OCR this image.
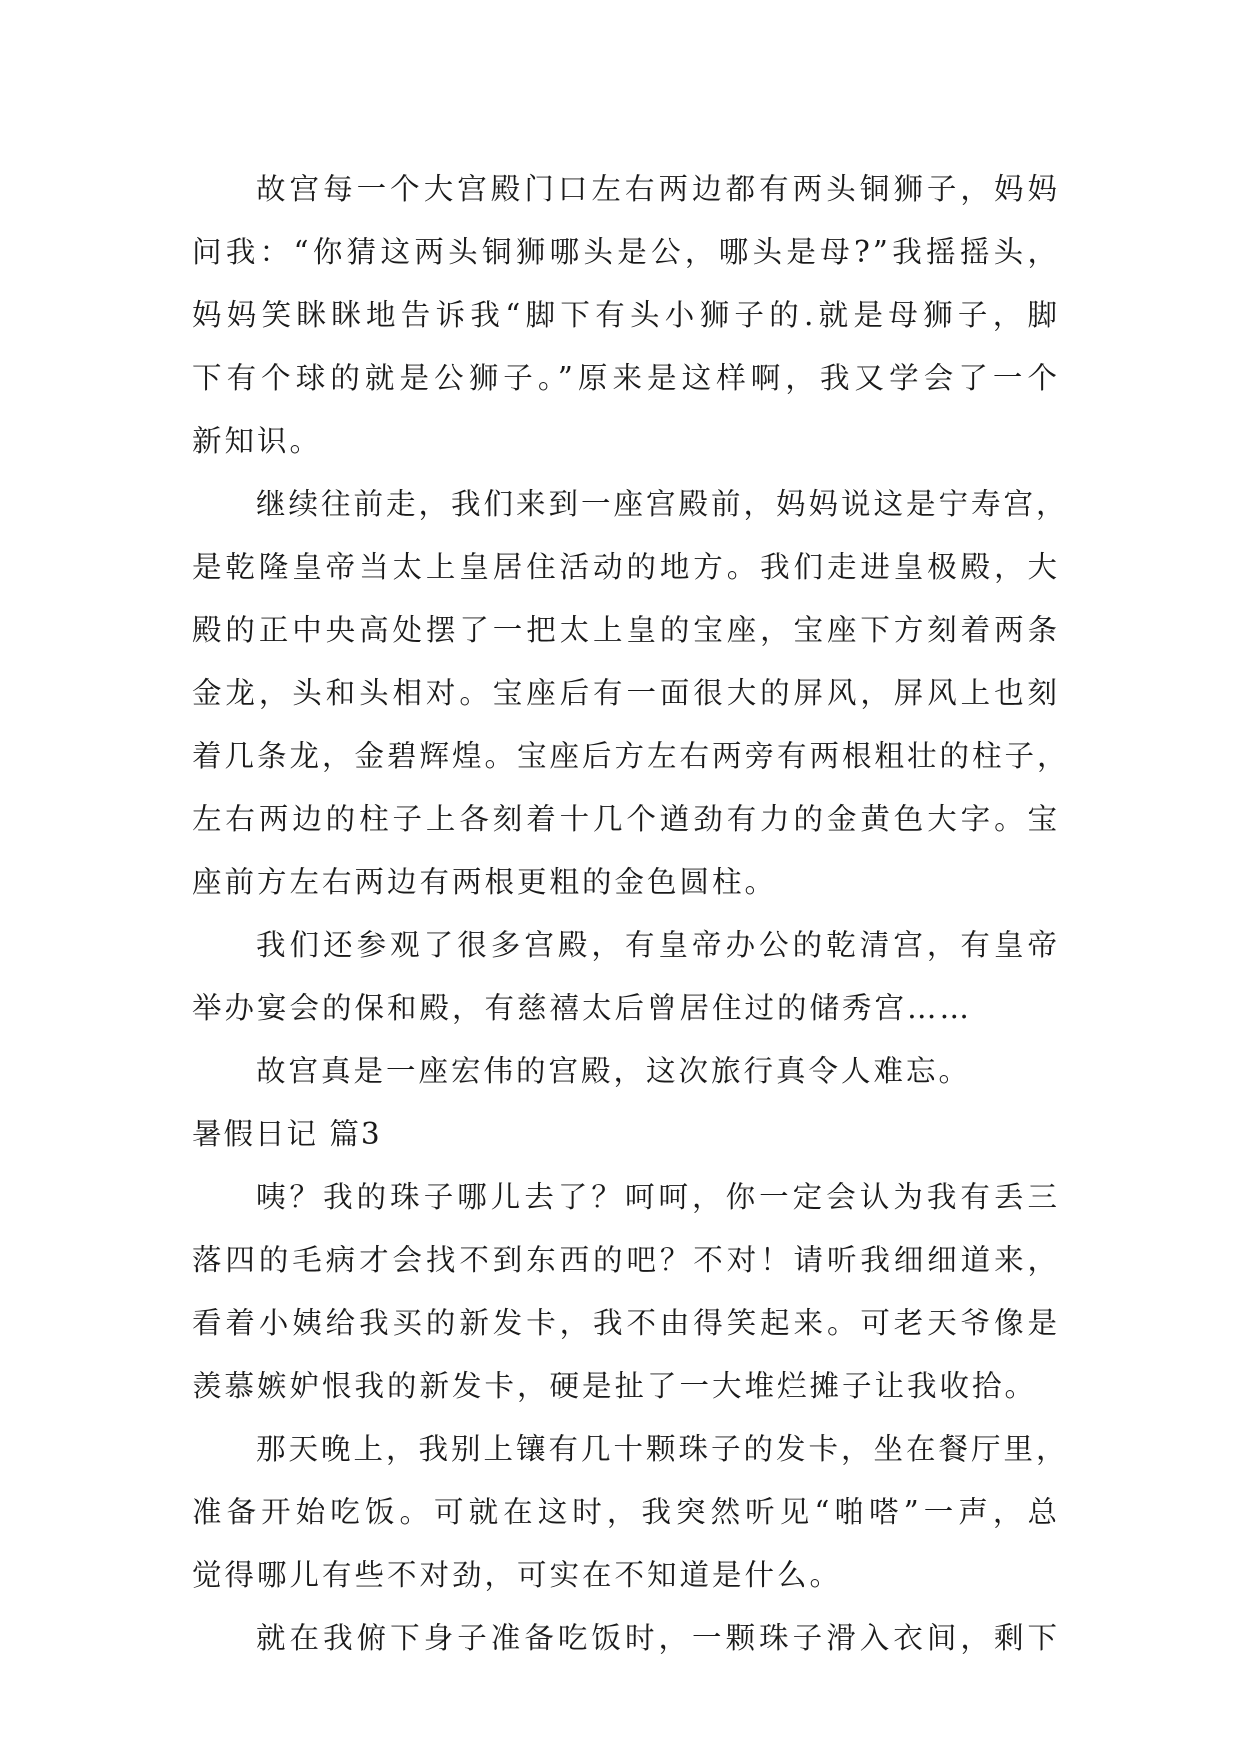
故宫每一个大宫殿门口左右两边都有两头铜狮子，妈妈
问我：“你猜这两头铜狮哪头是公，哪头是母?”我摇摇头，
妈妈笑眯眯地告诉我“脚下有头小狮子的.就是母狮子，脚
下有个球的就是公狮子。”原来是这样啊，我又学会了一个
新知识。
继续往前走，我们来到一座宫殿前，妈妈说这是宁寿宫，
是乾隆皇帝当太上皇居住活动的地方。我们走进皇极殿，大
殿的正中央高处摆了一把太上皇的宝座，宝座下方刻着两条
金龙，头和头相对。宝座后有一面很大的屏风，屏风上也刻
着几条龙，金碧辉煌。宝座后方左右两旁有两根粗壮的柱子，
左右两边的柱子上各刻着十几个遒劲有力的金黄色大字。宝
座前方左右两边有两根更粗的金色圆柱。
我们还参观了很多宫殿，有皇帝办公的乾清宫，有皇帝
举办宴会的保和殿，有慈禧太后曾居住过的储秀宫……
故宫真是一座宏伟的宫殿，这次旅行真令人难忘。
暑假日记 篇3
咦？我的珠子哪儿去了？呵呵，你一定会认为我有丢三
落四的毛病才会找不到东西的吧？不对！请听我细细道来，
看着小姨给我买的新发卡，我不由得笑起来。可老天爷像是
羡慕嫉妒恨我的新发卡，硬是扯了一大堆烂摊子让我收拾。
那天晚上，我别上镶有几十颗珠子的发卡，坐在餐厅里，
准备开始吃饭。可就在这时，我突然听见“啪嗒”一声，总
觉得哪儿有些不对劲，可实在不知道是什么。
就在我俯下身子准备吃饭时，一颗珠子滑入衣间，剩下
